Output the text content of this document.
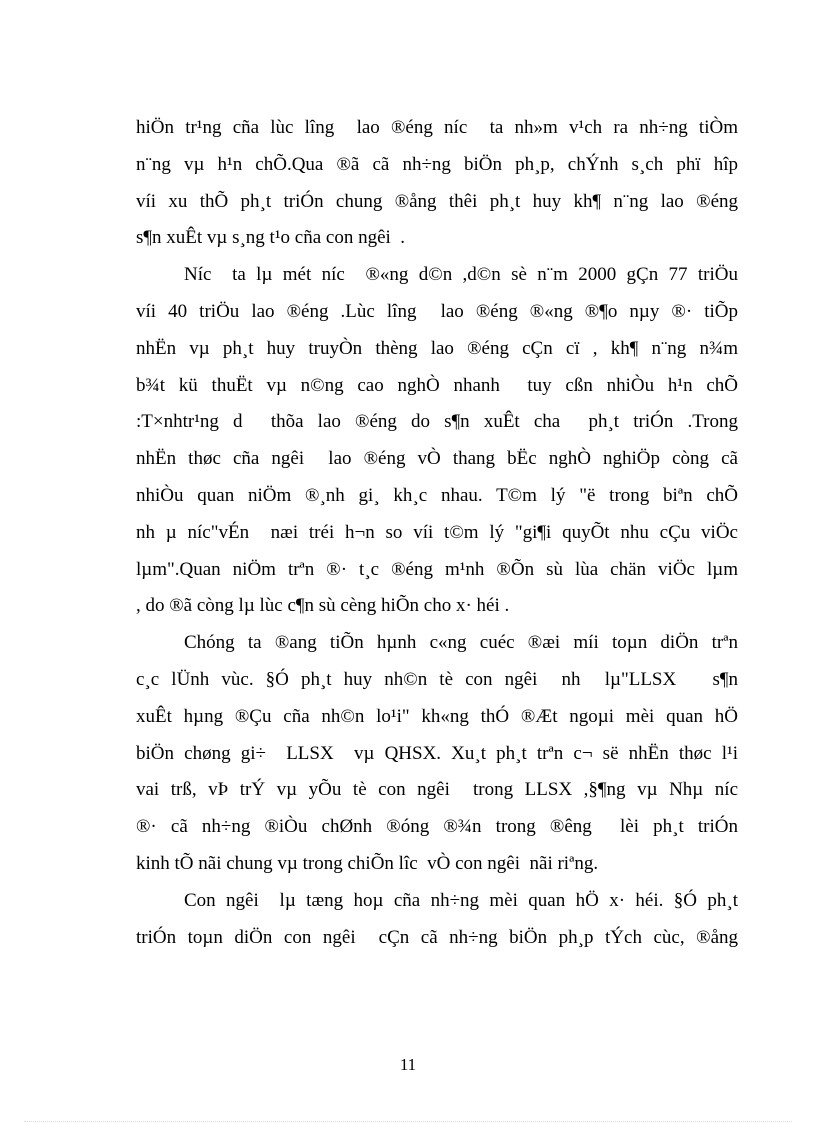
hiÖn tr¹ng cña lùc lîng  lao ®éng níc  ta nh»m v¹ch ra nh÷ng tiÒm
n¨ng vµ h¹n chÕ.Qua ®ã cã nh÷ng biÖn ph¸p, chÝnh s¸ch phï hîp
víi xu thÕ ph¸t triÓn chung ®ång thêi ph¸t huy kh¶ n¨ng lao ®éng
s¶n xuÊt vµ s¸ng t¹o cña con ngêi  .
Níc  ta lµ mét níc  ®«ng d©n ,d©n sè n¨m 2000 gÇn 77 triÖu
víi 40 triÖu lao ®éng .Lùc lîng  lao ®éng ®«ng ®¶o nµy ®· tiÕp
nhËn vµ ph¸t huy truyÒn thèng lao ®éng cÇn cï , kh¶ n¨ng n¾m
b¾t kü thuËt vµ n©ng cao nghÒ nhanh  tuy cßn nhiÒu h¹n chÕ
:T×nhtr¹ng d  thõa lao ®éng do s¶n xuÊt cha  ph¸t triÓn .Trong
nhËn thøc cña ngêi  lao ®éng vÒ thang bËc nghÒ nghiÖp còng cã
nhiÒu quan niÖm ®¸nh gi¸ kh¸c nhau. T©m lý "ë trong biªn chÕ
nh µ níc"vÉn  næi tréi h¬n so víi t©m lý "gi¶i quyÕt nhu cÇu viÖc
lµm".Quan niÖm trªn ®· t¸c ®éng m¹nh ®Õn sù lùa chän viÖc lµm
, do ®ã còng lµ lùc c¶n sù cèng hiÕn cho x· héi .
Chóng ta ®ang tiÕn hµnh c«ng cuéc ®æi míi toµn diÖn trªn
c¸c lÜnh vùc. §Ó ph¸t huy nh©n tè con ngêi  nh  lµ"LLSX   s¶n
xuÊt hµng ®Çu cña nh©n lo¹i" kh«ng thÓ ®Æt ngoµi mèi quan hÖ
biÖn chøng gi÷  LLSX  vµ QHSX. Xu¸t ph¸t trªn c¬ së nhËn thøc l¹i
vai trß, vÞ trÝ vµ yÕu tè con ngêi  trong LLSX ,§¶ng vµ Nhµ níc
®· cã nh÷ng ®iÒu chØnh ®óng ®¾n trong ®êng  lèi ph¸t triÓn
kinh tÕ nãi chung vµ trong chiÕn lîc  vÒ con ngêi  nãi riªng.
Con ngêi  lµ tæng hoµ cña nh÷ng mèi quan hÖ x· héi. §Ó ph¸t
triÓn toµn diÖn con ngêi  cÇn cã nh÷ng biÖn ph¸p tÝch cùc, ®ång
11
